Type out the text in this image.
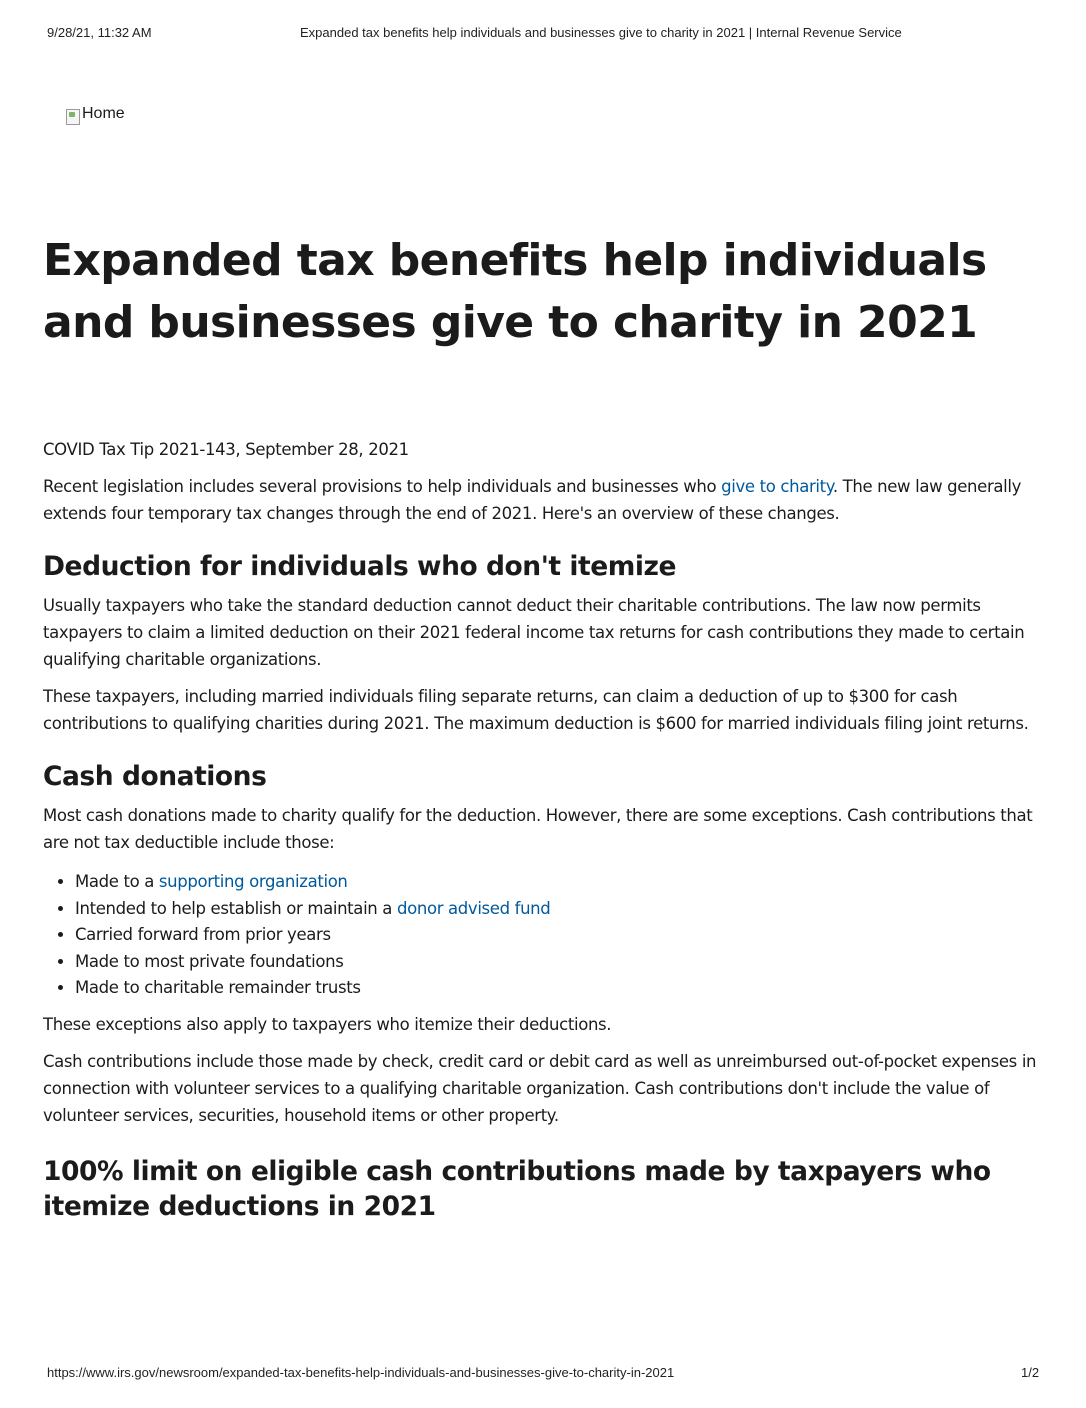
9/28/21, 11:32 AM	Expanded tax benefits help individuals and businesses give to charity in 2021 | Internal Revenue Service
Home
Expanded tax benefits help individuals and businesses give to charity in 2021
COVID Tax Tip 2021-143, September 28, 2021

Recent legislation includes several provisions to help individuals and businesses who give to charity. The new law generally extends four temporary tax changes through the end of 2021. Here's an overview of these changes.

Deduction for individuals who don't itemize

Usually taxpayers who take the standard deduction cannot deduct their charitable contributions. The law now permits taxpayers to claim a limited deduction on their 2021 federal income tax returns for cash contributions they made to certain qualifying charitable organizations.

These taxpayers, including married individuals filing separate returns, can claim a deduction of up to $300 for cash contributions to qualifying charities during 2021. The maximum deduction is $600 for married individuals filing joint returns.

Cash donations

Most cash donations made to charity qualify for the deduction. However, there are some exceptions. Cash contributions that are not tax deductible include those:

• Made to a supporting organization
• Intended to help establish or maintain a donor advised fund
• Carried forward from prior years
• Made to most private foundations
• Made to charitable remainder trusts

These exceptions also apply to taxpayers who itemize their deductions.

Cash contributions include those made by check, credit card or debit card as well as unreimbursed out-of-pocket expenses in connection with volunteer services to a qualifying charitable organization. Cash contributions don't include the value of volunteer services, securities, household items or other property.

100% limit on eligible cash contributions made by taxpayers who itemize deductions in 2021
https://www.irs.gov/newsroom/expanded-tax-benefits-help-individuals-and-businesses-give-to-charity-in-2021	1/2
